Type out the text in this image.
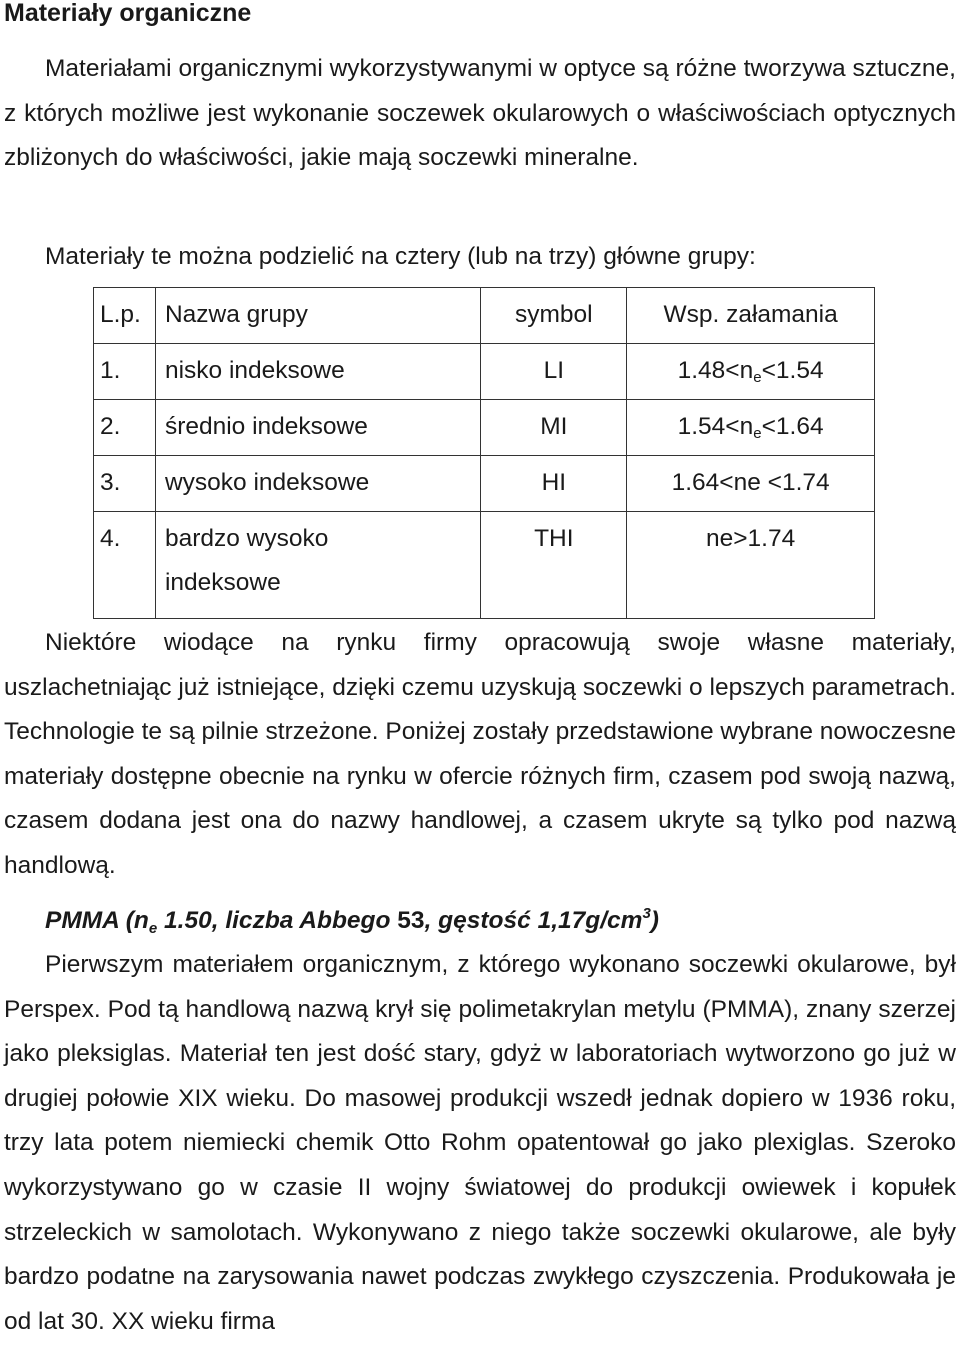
Materiały organiczne

Materiałami organicznymi wykorzystywanymi w optyce są różne tworzywa sztuczne, z których możliwe jest wykonanie soczewek okularowych o właściwościach optycznych zbliżonych do właściwości, jakie mają soczewki mineralne.

Materiały te można podzielić na cztery (lub na trzy) główne grupy:

L.p.	Nazwa grupy	symbol	Wsp. załamania

1.	nisko indeksowe	LI	1.48<ne<1.54

2.	średnio indeksowe	MI	1.54<ne<1.64

3.	wysoko indeksowe	HI	1.64<ne <1.74

4.	bardzo wysoko
indeksowe	THI	ne>1.74

Niektóre wiodące na rynku firmy opracowują swoje własne materiały, uszlachetniając już istniejące, dzięki czemu uzyskują soczewki o lepszych parametrach. Technologie te są pilnie strzeżone. Poniżej zostały przedstawione wybrane nowoczesne materiały dostępne obecnie na rynku w ofercie różnych firm, czasem pod swoją nazwą, czasem dodana jest ona do nazwy handlowej, a czasem ukryte są tylko pod nazwą handlową.

PMMA ($n_e$ 1.50, liczba Abbego 53, gęstość $1,17g/cm^3$)

Pierwszym materiałem organicznym, z którego wykonano soczewki okularowe, był Perspex. Pod tą handlową nazwą krył się polimetakrylan metylu (PMMA), znany szerzej jako pleksiglas. Materiał ten jest dość stary, gdyż w laboratoriach wytworzono go już w drugiej połowie XIX wieku. Do masowej produkcji wszedł jednak dopiero w 1936 roku, trzy lata potem niemiecki chemik Otto Rohm opatentował go jako plexiglas. Szeroko wykorzystywano go w czasie II wojny światowej do produkcji owiewek i kopułek strzeleckich w samolotach. Wykonywano z niego także soczewki okularowe, ale były bardzo podatne na zarysowania nawet podczas zwykłego czyszczenia. Produkowała je od lat 30. XX wieku firma
